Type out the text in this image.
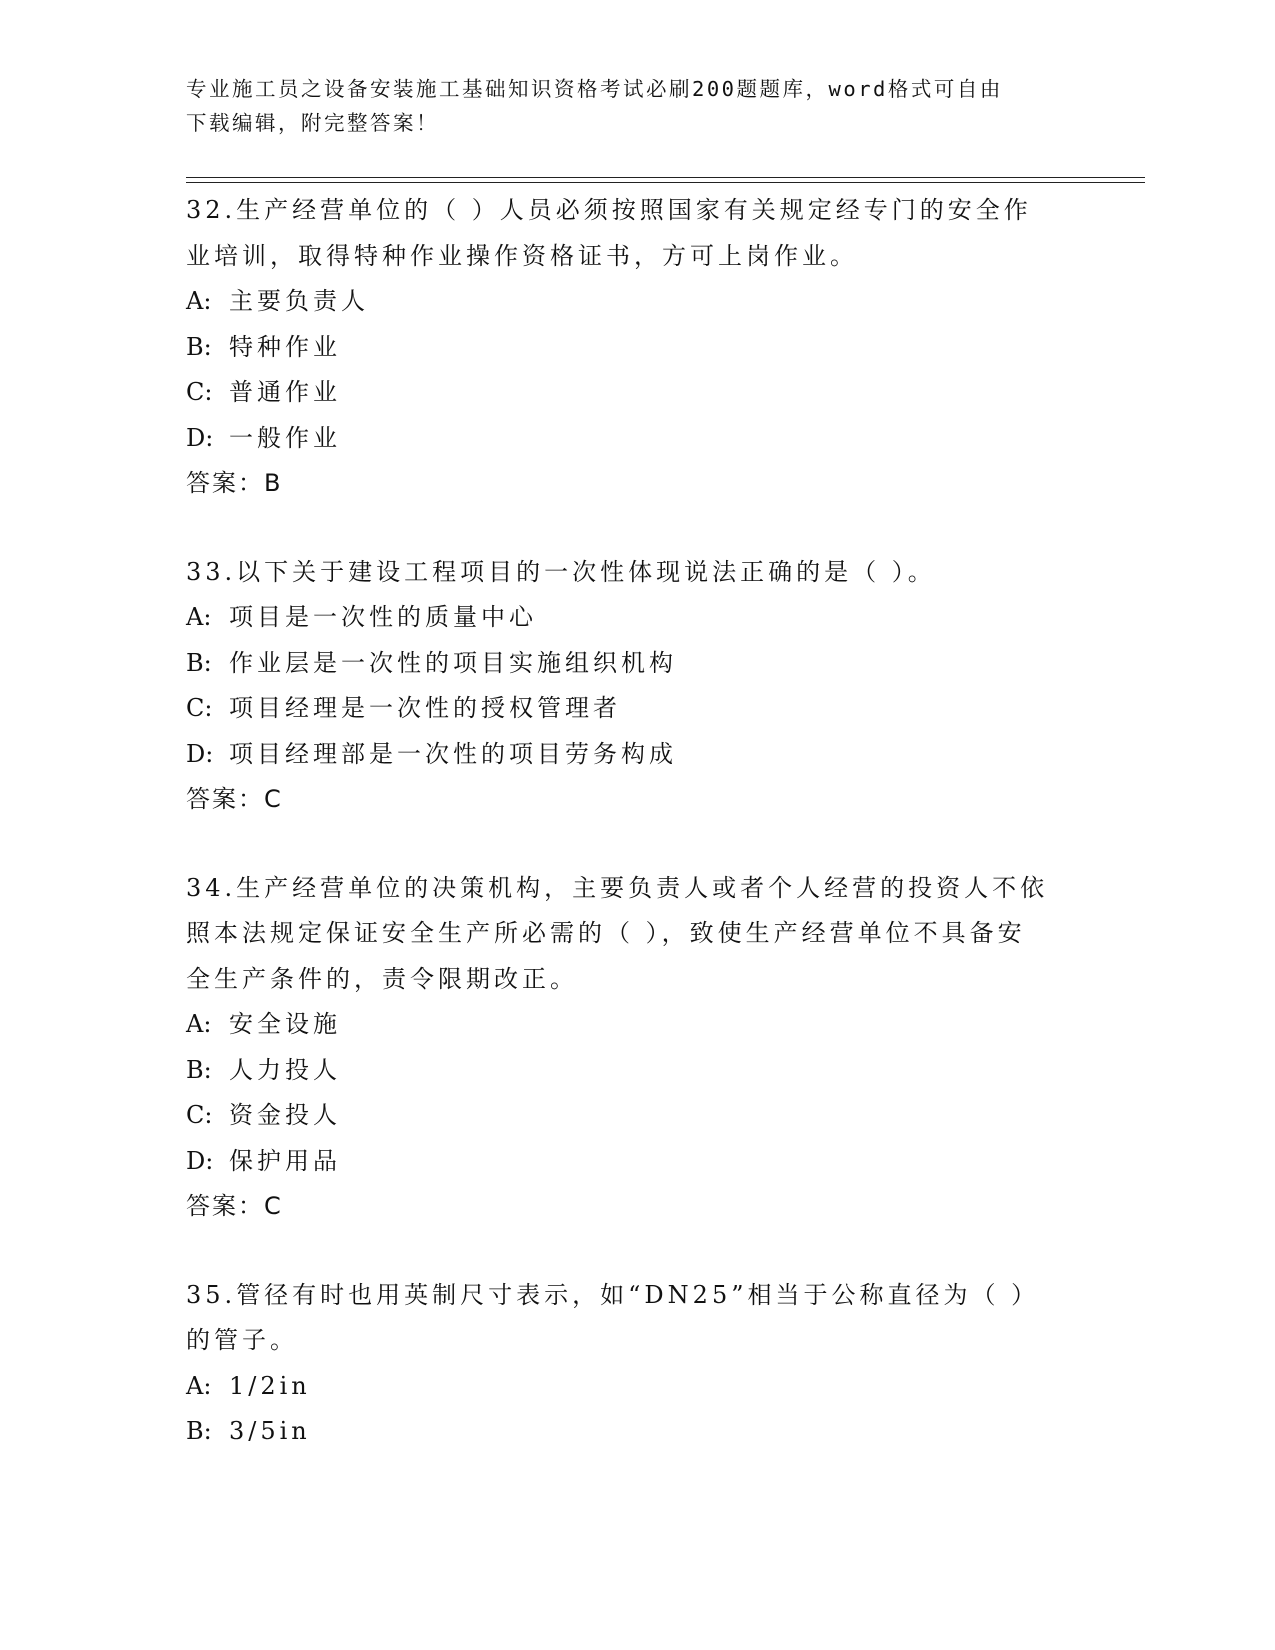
专业施工员之设备安装施工基础知识资格考试必刷200题题库，word格式可自由
下载编辑，附完整答案！
32.生产经营单位的（ ）人员必须按照国家有关规定经专门的安全作
业培训，取得特种作业操作资格证书，方可上岗作业。
A: 主要负责人
B: 特种作业
C: 普通作业
D: 一般作业
答案：B
33.以下关于建设工程项目的一次性体现说法正确的是（ ）。
A: 项目是一次性的质量中心
B: 作业层是一次性的项目实施组织机构
C: 项目经理是一次性的授权管理者
D: 项目经理部是一次性的项目劳务构成
答案：C
34.生产经营单位的决策机构，主要负责人或者个人经营的投资人不依
照本法规定保证安全生产所必需的（ ），致使生产经营单位不具备安
全生产条件的，责令限期改正。
A: 安全设施
B: 人力投人
C: 资金投人
D: 保护用品
答案：C
35.管径有时也用英制尺寸表示，如“DN25”相当于公称直径为（ ）
的管子。
A: 1/2in
B: 3/5in
